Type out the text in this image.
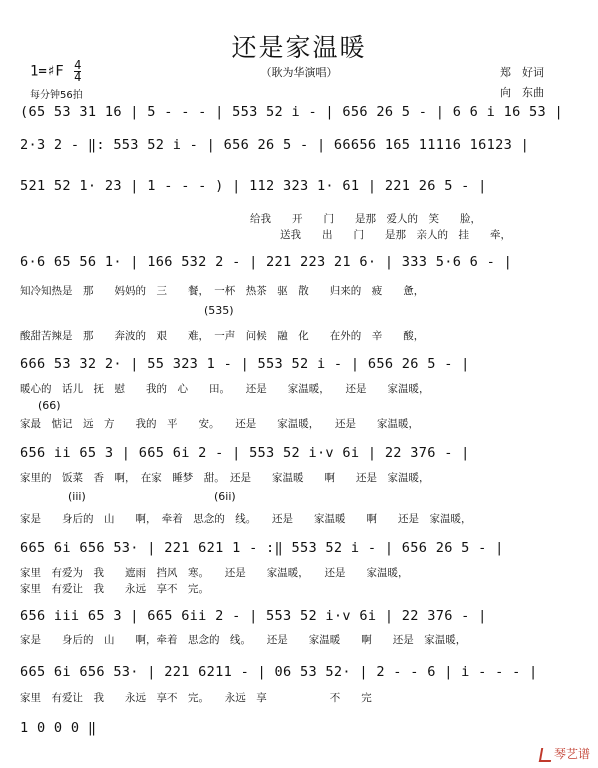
还是家温暖
（耿为华演唱）
1=♯F $\frac{4}{4}$
每分钟56拍
郑　好词
向　东曲
(65 53 31 16 | 5 - - - | 553 52 i - | 656 26 5 - | 6 6 i 16 53 |
2·3 2 - ‖: 553 52 i - | 656 26 5 - | 66656 165 11116 16123 |
521 52 1· 23 | 1 - - - ) | 112 323 1· 61 | 221 26 5 - |
给我　　开　　门　　是那　爱人的　笑　　脸，
送我　　出　　门　　是那　亲人的　挂　　牵，
6·6 65 56 1· | 166 532 2 - | 221 223 21 6· | 333 5·6 6 - |
知冷知热是　那　　妈妈的　三　　餐，　一杯　热茶　驱　散　　归来的　疲　　惫，
(535)
酸甜苦辣是　那　　奔波的　艰　　难，　一声　问候　融　化　　在外的　辛　　酸，
666 53 32 2· | 55 323 1 - | 553 52 i - | 656 26 5 - |
暖心的　话儿　抚　慰　　我的　心　　田。　　还是　　家温暖，　　还是　　家温暖，
(66)
家最　惦记　远　方　　我的　平　　安。　　还是　　家温暖，　　还是　　家温暖，
656 ii 65 3 | 665 6i 2 - | 553 52 i·v 6i | 22 376 - |
家里的　饭菜　香　啊，　在家　睡梦　甜。　还是　　家温暖　　啊　　还是　家温暖，
(iii)	(6ii)
家是　　身后的　山　　啊，　牵着　思念的　线。　　还是　　家温暖　　啊　　还是　家温暖，
665 6i 656 53· | 221 621 1 - :‖ 553 52 i - | 656 26 5 - |
家里　有爱为　我　　遮雨　挡风　寒。　　还是　　家温暖，　　还是　　家温暖，
家里　有爱让　我　　永远　享不　完。
656 iii 65 3 | 665 6ii 2 - | 553 52 i·v 6i | 22 376 - |
家是　　身后的　山　　啊，牵着　思念的　线。　　还是　　家温暖　　啊　　还是　家温暖，
665 6i 656 53· | 221 6211 - | 06 53 52· | 2 - - 6 | i - - - |
家里　有爱让　我　　永远　享不　完。　　永远　享　　　　　　不　　完
1 0 0 0 ‖
琴艺谱
